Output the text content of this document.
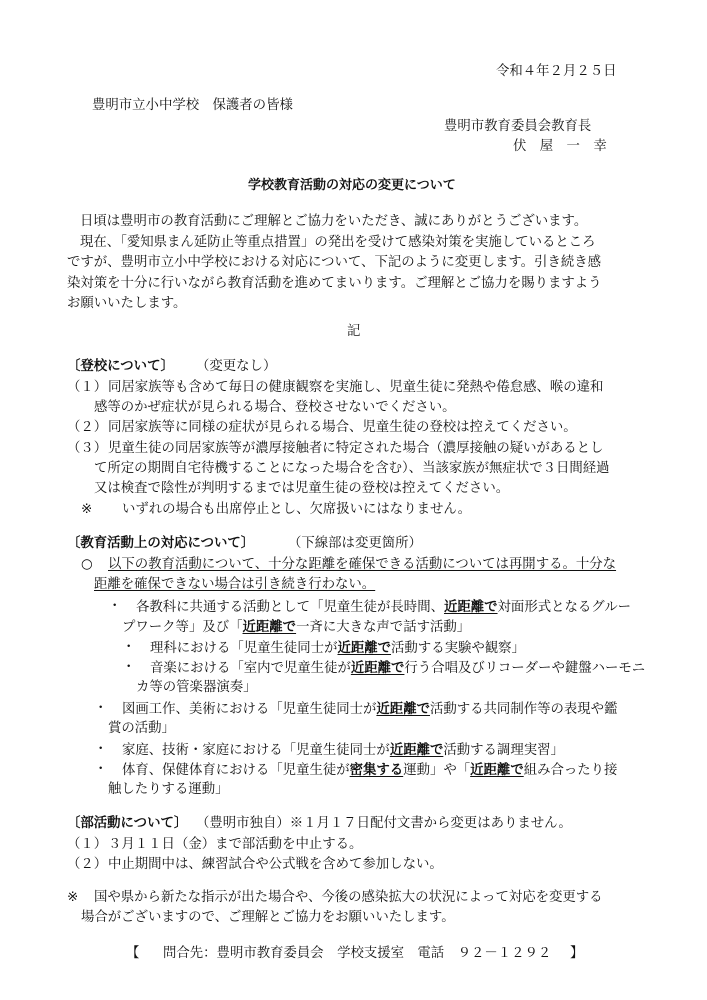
令和４年２月２５日
豊明市立小中学校　保護者の皆様
豊明市教育委員会教育長
伏　屋　一　幸
学校教育活動の対応の変更について
日頃は豊明市の教育活動にご理解とご協力をいただき、誠にありがとうございます。
現在、「愛知県まん延防止等重点措置」の発出を受けて感染対策を実施しているところ
ですが、豊明市立小中学校における対応について、下記のように変更します。引き続き感
染対策を十分に行いながら教育活動を進めてまいります。ご理解とご協力を賜りますよう
お願いいたします。
記
〔登校について〕 （変更なし）
（１） 同居家族等も含めて毎日の健康観察を実施し、児童生徒に発熱や倦怠感、喉の違和
感等のかぜ症状が見られる場合、登校させないでください。
（２） 同居家族等に同様の症状が見られる場合、児童生徒の登校は控えてください。
（３） 児童生徒の同居家族等が濃厚接触者に特定された場合（濃厚接触の疑いがあるとし
て所定の期間自宅待機することになった場合を含む）、当該家族が無症状で３日間経過
又は検査で陰性が判明するまでは児童生徒の登校は控えてください。
※ いずれの場合も出席停止とし、欠席扱いにはなりません。
〔教育活動上の対応について〕	（下線部は変更箇所）
○ 以下の教育活動について、十分な距離を確保できる活動については再開する。十分な
距離を確保できない場合は引き続き行わない。
・ 各教科に共通する活動として「児童生徒が長時間、近距離で対面形式となるグルー
プワーク等」及び「近距離で一斉に大きな声で話す活動」
・ 理科における「児童生徒同士が近距離で活動する実験や観察」
・ 音楽における「室内で児童生徒が近距離で行う合唱及びリコーダーや鍵盤ハーモニ
カ等の管楽器演奏」
・ 図画工作、美術における「児童生徒同士が近距離で活動する共同制作等の表現や鑑
賞の活動」
・ 家庭、技術・家庭における「児童生徒同士が近距離で活動する調理実習」
・ 体育、保健体育における「児童生徒が密集する運動」や「近距離で組み合ったり接
触したりする運動」
〔部活動について〕 （豊明市独自）※１月１７日配付文書から変更はありません。
（１） ３月１１日（金）まで部活動を中止する。
（２） 中止期間中は、練習試合や公式戦を含めて参加しない。
※ 国や県から新たな指示が出た場合や、今後の感染拡大の状況によって対応を変更する
場合がございますので、ご理解とご協力をお願いいたします。
【 問合先：豊明市教育委員会　学校支援室　電話　９２－１２９２ 】
